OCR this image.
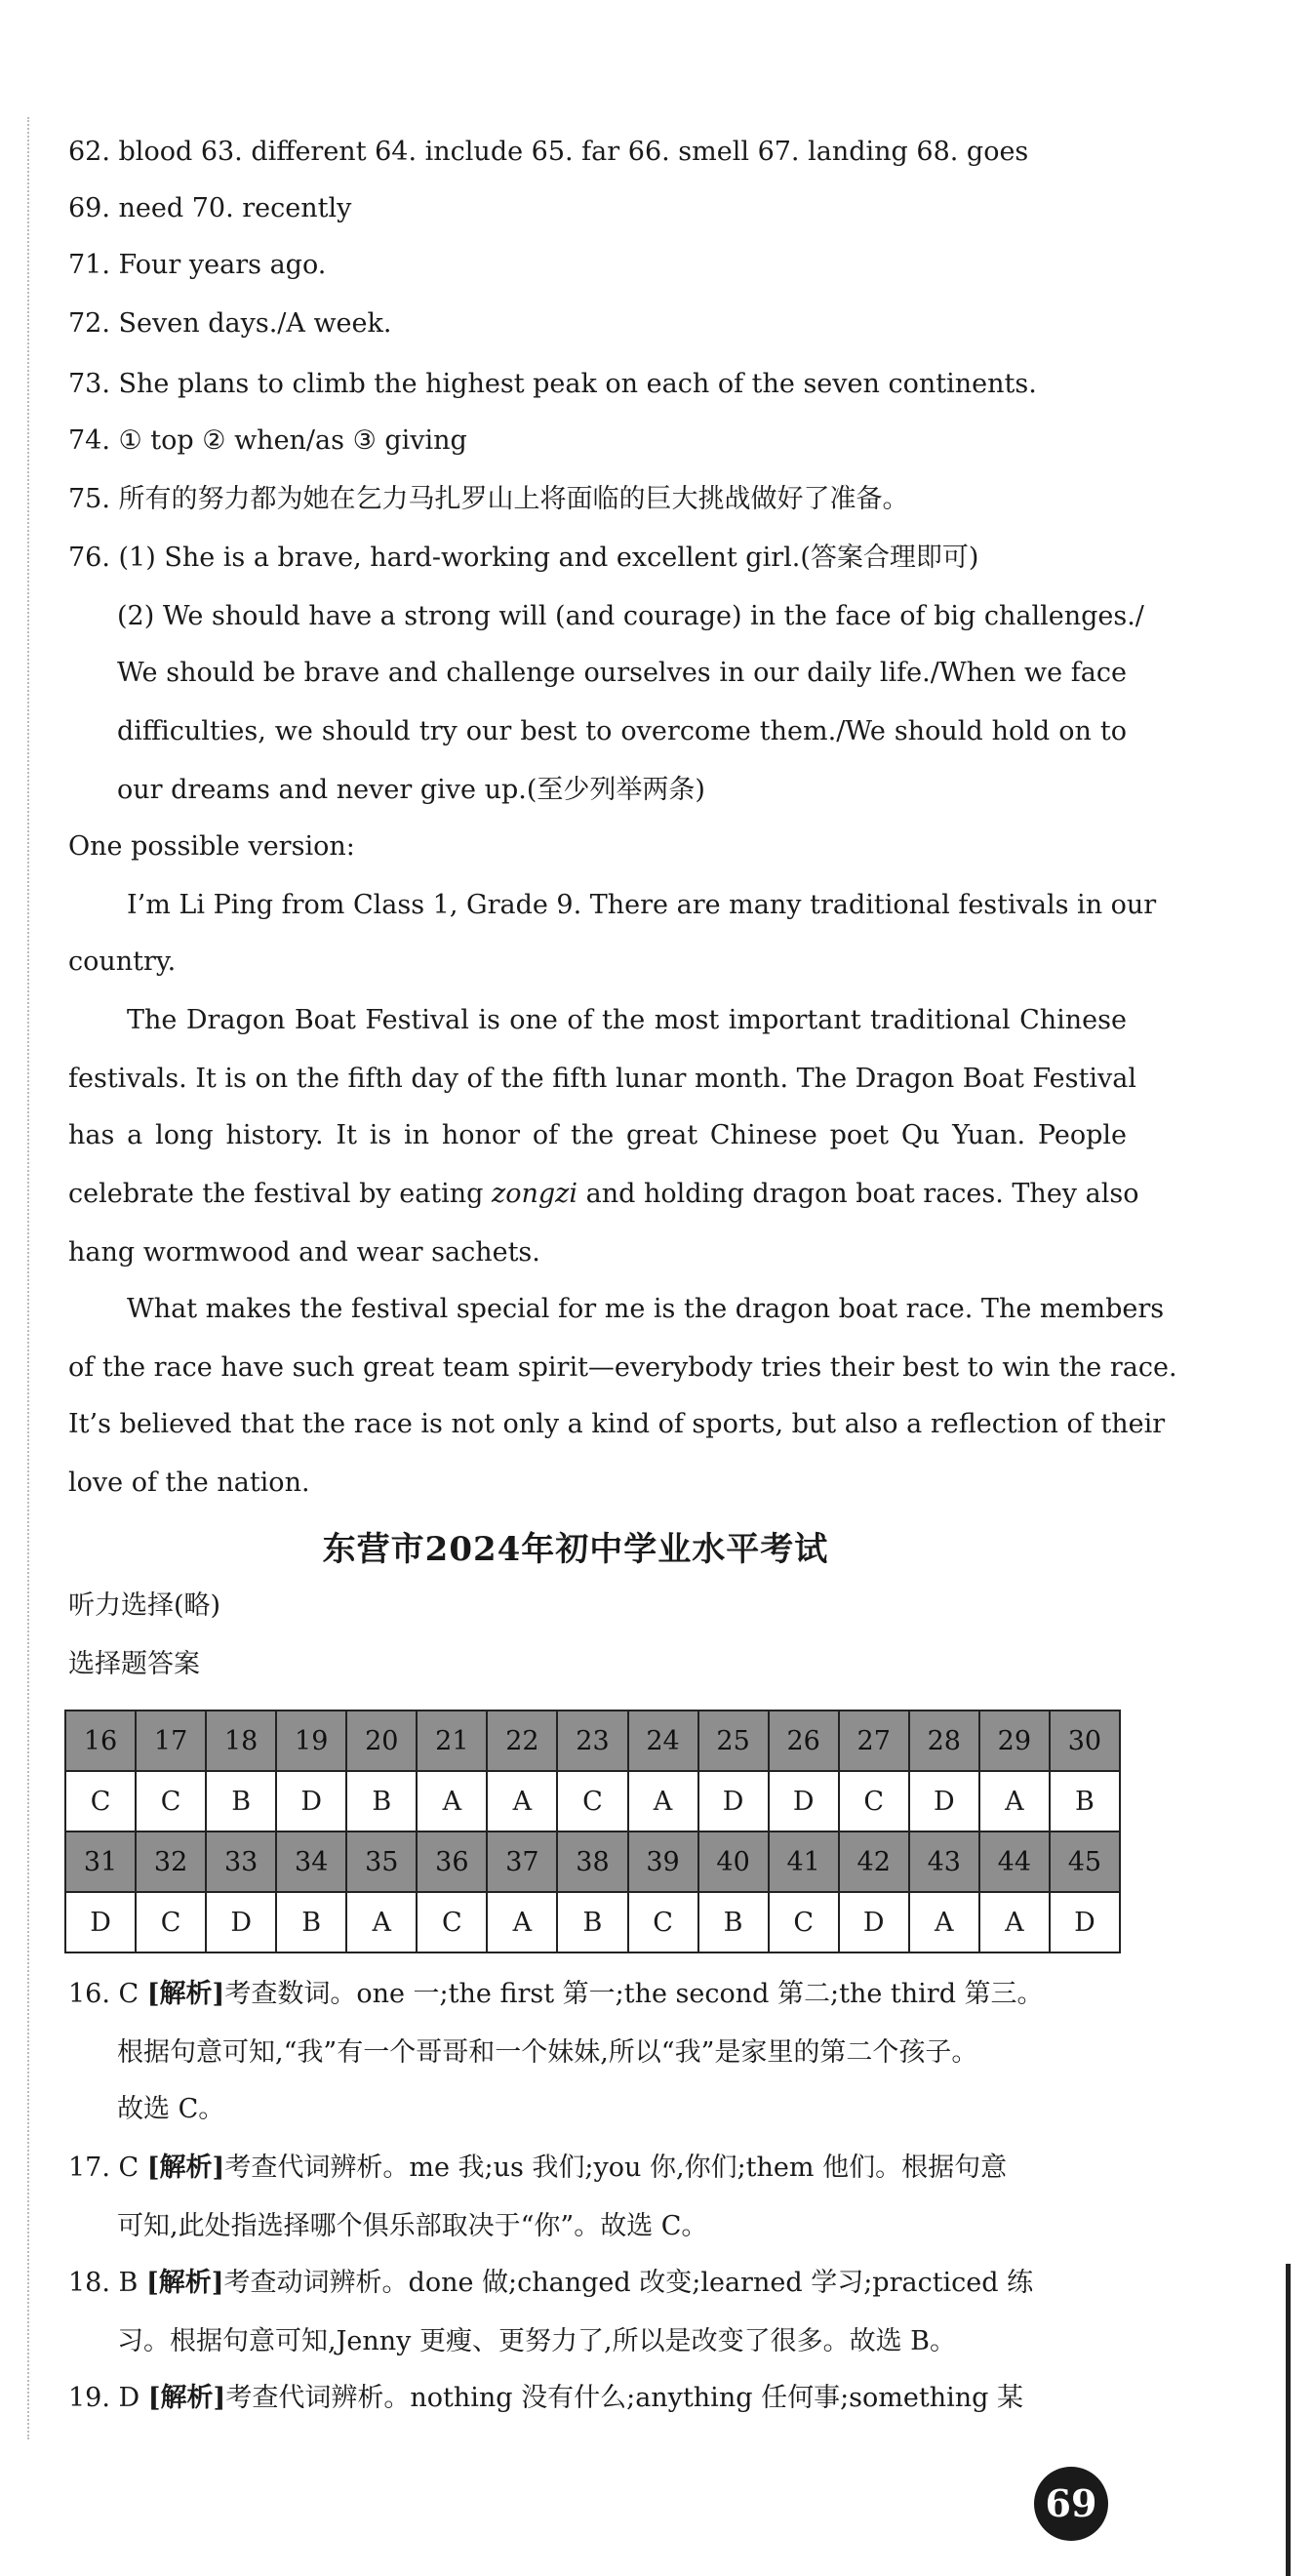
62. blood 63. different 64. include 65. far 66. smell 67. landing 68. goes
69. need 70. recently
71. Four years ago.
72. Seven days./A week.
73. She plans to climb the highest peak on each of the seven continents.
74. ① top ② when/as ③ giving
75. 所有的努力都为她在乞力马扎罗山上将面临的巨大挑战做好了准备。
76. (1) She is a brave, hard-working and excellent girl.(答案合理即可)
(2) We should have a strong will (and courage) in the face of big challenges./
We should be brave and challenge ourselves in our daily life./When we face
difficulties, we should try our best to overcome them./We should hold on to
our dreams and never give up.(至少列举两条)
One possible version:
I’m Li Ping from Class 1, Grade 9. There are many traditional festivals in our
country.
The Dragon Boat Festival is one of the most important traditional Chinese
festivals. It is on the fifth day of the fifth lunar month. The Dragon Boat Festival
has a long history. It is in honor of the great Chinese poet Qu Yuan. People
celebrate the festival by eating zongzi and holding dragon boat races. They also
hang wormwood and wear sachets.
What makes the festival special for me is the dragon boat race. The members
of the race have such great team spirit—everybody tries their best to win the race.
It’s believed that the race is not only a kind of sports, but also a reflection of their
love of the nation.
东营市2024年初中学业水平考试
听力选择(略)
选择题答案
16	17	18	19	20	21	22	23	24	25	26	27	28	29	30
C	C	B	D	B	A	A	C	A	D	D	C	D	A	B
31	32	33	34	35	36	37	38	39	40	41	42	43	44	45
D	C	D	B	A	C	A	B	C	B	C	D	A	A	D
16. C [解析]考查数词。one 一;the first 第一;the second 第二;the third 第三。
根据句意可知,“我”有一个哥哥和一个妹妹,所以“我”是家里的第二个孩子。
故选 C。
17. C [解析]考查代词辨析。me 我;us 我们;you 你,你们;them 他们。根据句意
可知,此处指选择哪个俱乐部取决于“你”。故选 C。
18. B [解析]考查动词辨析。done 做;changed 改变;learned 学习;practiced 练
习。根据句意可知,Jenny 更瘦、更努力了,所以是改变了很多。故选 B。
19. D [解析]考查代词辨析。nothing 没有什么;anything 任何事;something 某
69
